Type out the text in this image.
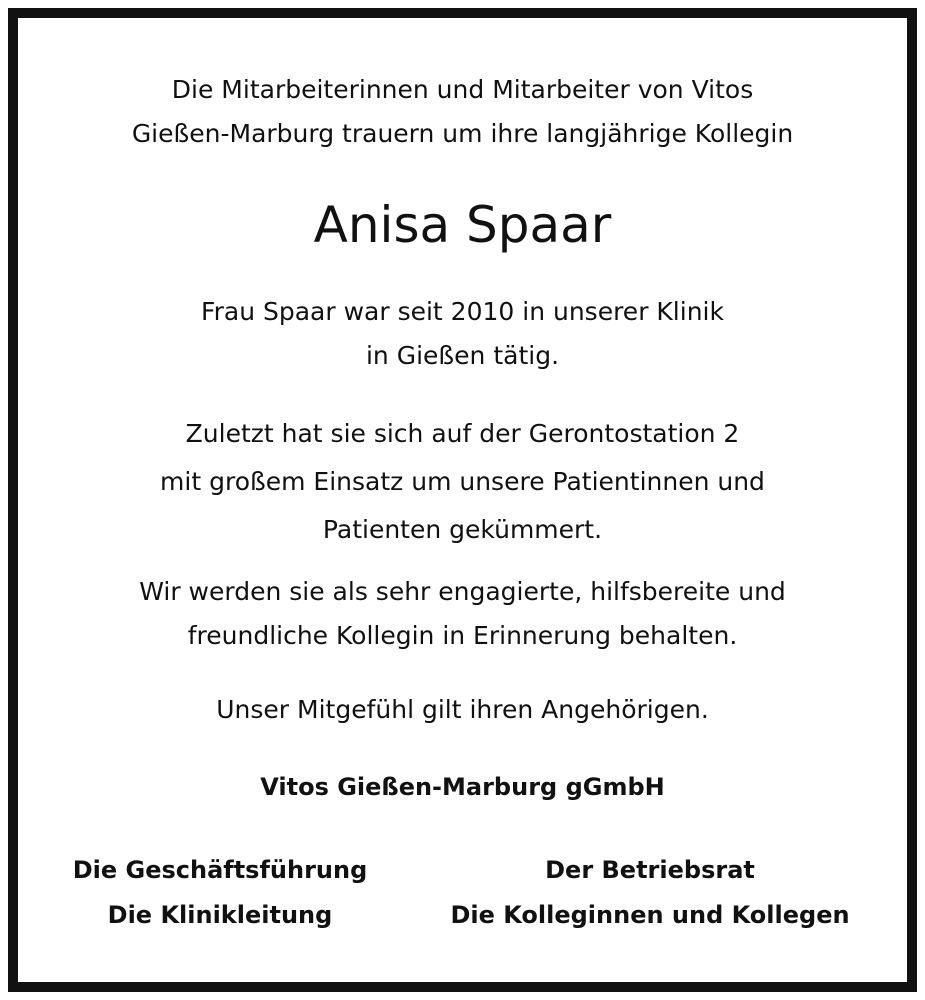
Die Mitarbeiterinnen und Mitarbeiter von Vitos
Gießen-Marburg trauern um ihre langjährige Kollegin
Anisa Spaar
Frau Spaar war seit 2010 in unserer Klinik
in Gießen tätig.
Zuletzt hat sie sich auf der Gerontostation 2
mit großem Einsatz um unsere Patientinnen und
Patienten gekümmert.
Wir werden sie als sehr engagierte, hilfsbereite und
freundliche Kollegin in Erinnerung behalten.
Unser Mitgefühl gilt ihren Angehörigen.
Vitos Gießen-Marburg gGmbH
Die Geschäftsführung
Die Klinikleitung
Der Betriebsrat
Die Kolleginnen und Kollegen
